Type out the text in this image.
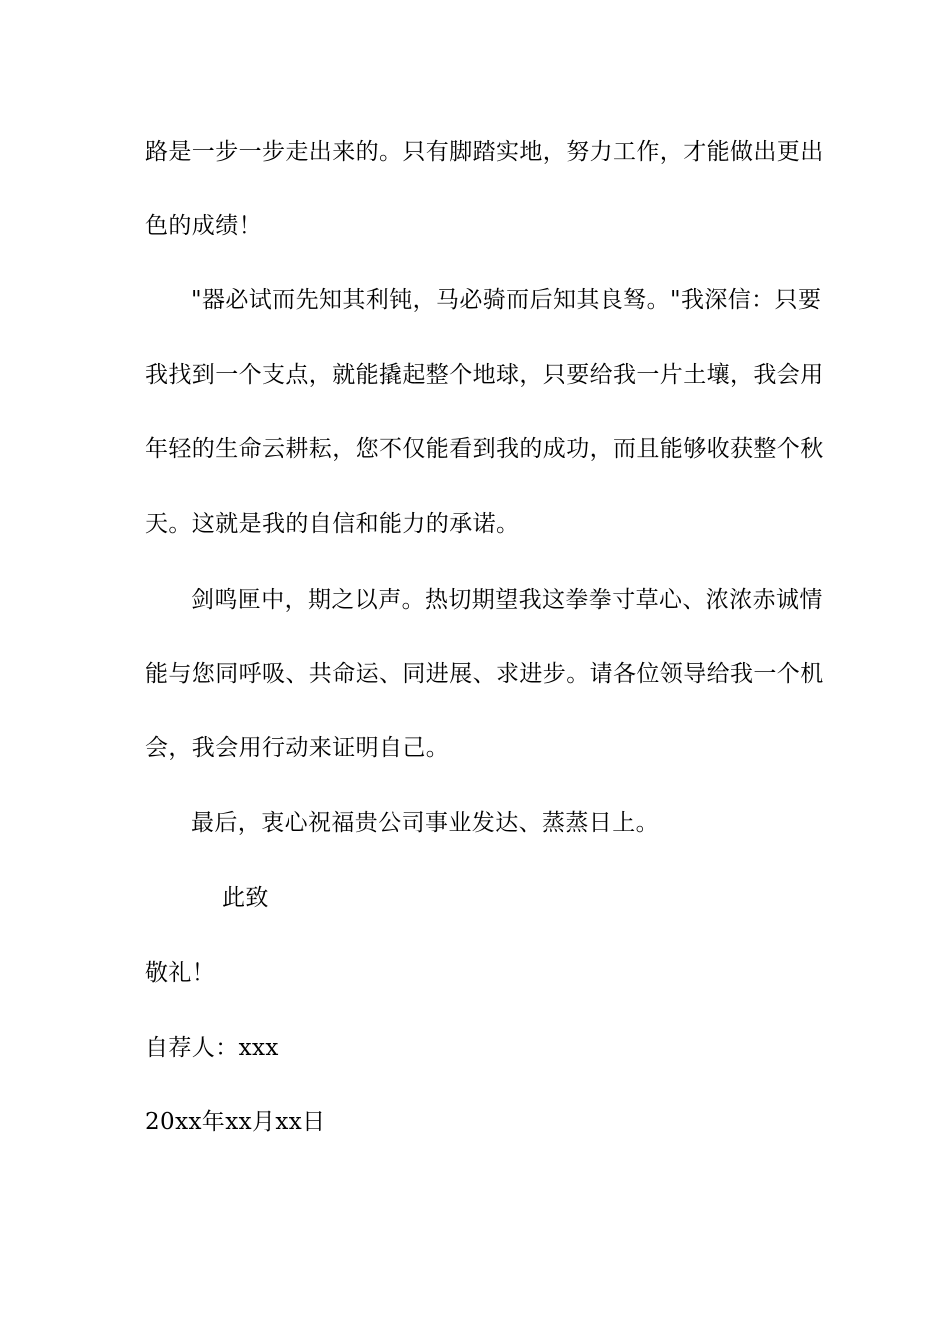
路是一步一步走出来的。只有脚踏实地，努力工作，才能做出更出
色的成绩！
"器必试而先知其利钝，马必骑而后知其良驽。"我深信：只要
我找到一个支点，就能撬起整个地球，只要给我一片土壤，我会用
年轻的生命云耕耘，您不仅能看到我的成功，而且能够收获整个秋
天。这就是我的自信和能力的承诺。
剑鸣匣中，期之以声。热切期望我这拳拳寸草心、浓浓赤诚情
能与您同呼吸、共命运、同进展、求进步。请各位领导给我一个机
会，我会用行动来证明自己。
最后，衷心祝福贵公司事业发达、蒸蒸日上。
此致
敬礼！
自荐人：xxx
20xx年xx月xx日
